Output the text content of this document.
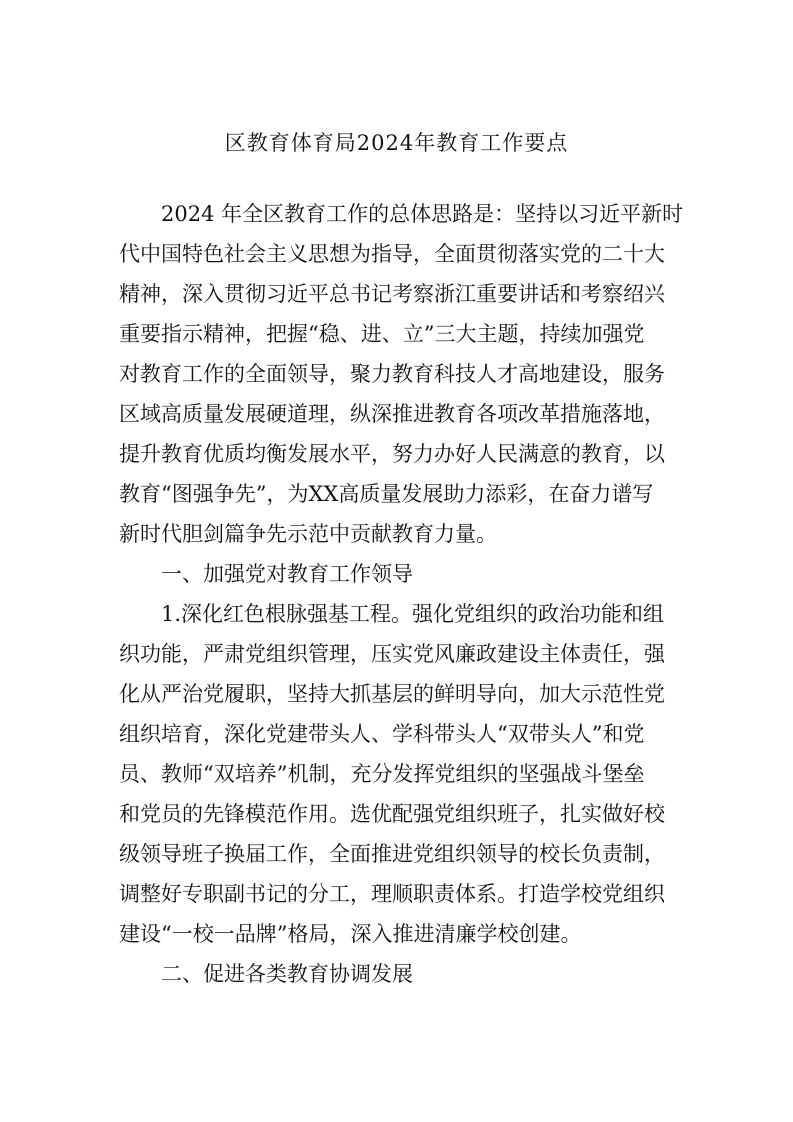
区教育体育局2024年教育工作要点

2024 年全区教育工作的总体思路是：坚持以习近平新时

代中国特色社会主义思想为指导，全面贯彻落实党的二十大

精神，深入贯彻习近平总书记考察浙江重要讲话和考察绍兴

重要指示精神，把握“稳、进、立”三大主题，持续加强党

对教育工作的全面领导，聚力教育科技人才高地建设，服务

区域高质量发展硬道理，纵深推进教育各项改革措施落地，

提升教育优质均衡发展水平，努力办好人民满意的教育，以

教育“图强争先”，为XX高质量发展助力添彩，在奋力谱写

新时代胆剑篇争先示范中贡献教育力量。

一、加强党对教育工作领导

1.深化红色根脉强基工程。强化党组织的政治功能和组

织功能，严肃党组织管理，压实党风廉政建设主体责任，强

化从严治党履职，坚持大抓基层的鲜明导向，加大示范性党

组织培育，深化党建带头人、学科带头人“双带头人”和党

员、教师“双培养”机制，充分发挥党组织的坚强战斗堡垒

和党员的先锋模范作用。选优配强党组织班子，扎实做好校

级领导班子换届工作，全面推进党组织领导的校长负责制，

调整好专职副书记的分工，理顺职责体系。打造学校党组织

建设“一校一品牌”格局，深入推进清廉学校创建。

二、促进各类教育协调发展
